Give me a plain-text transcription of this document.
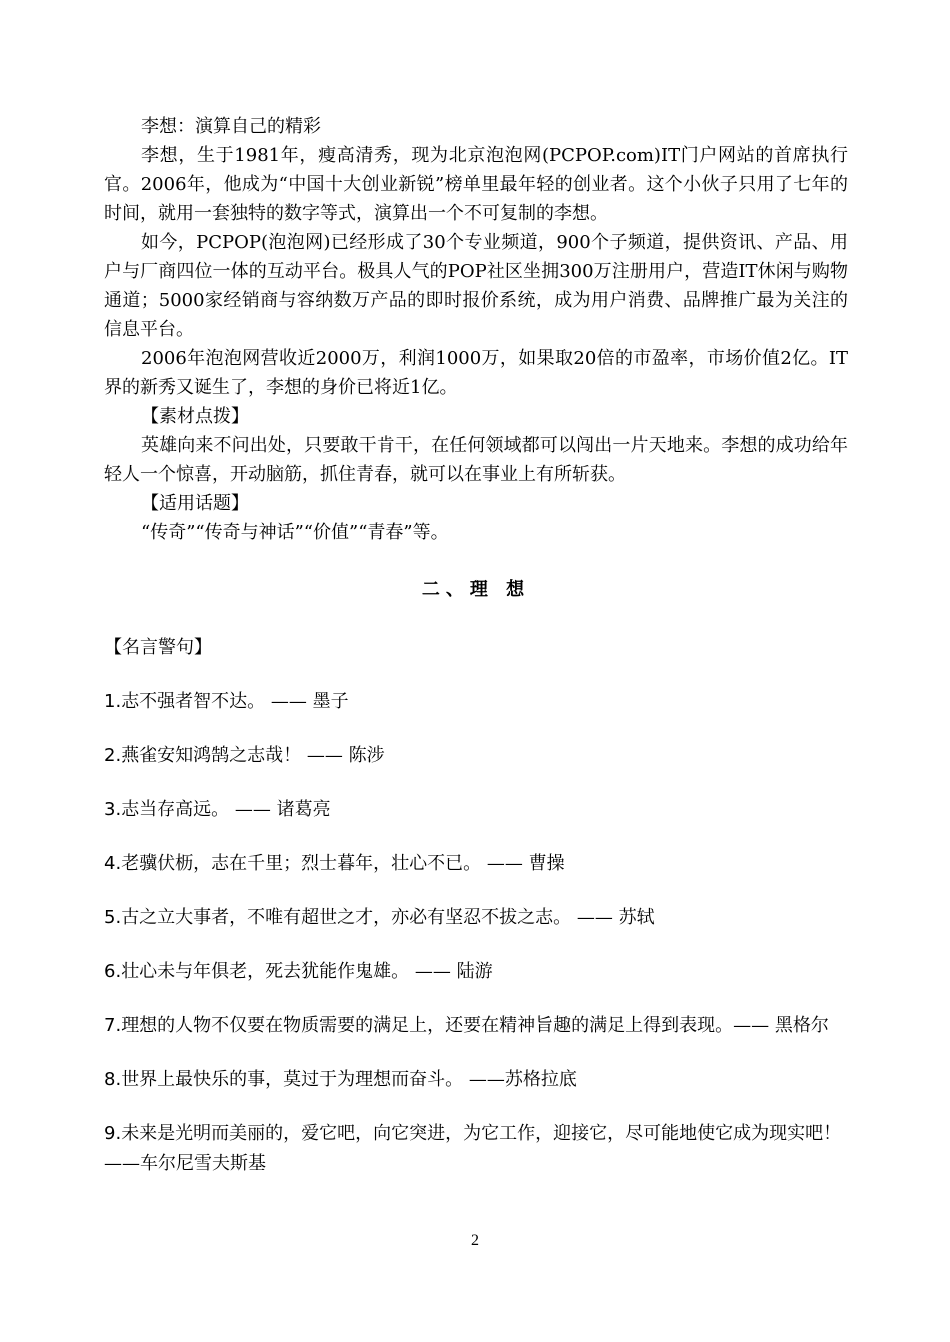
李想：演算自己的精彩

李想，生于1981年，瘦高清秀，现为北京泡泡网(PCPOP.com)IT门户网站的首席执行官。2006年，他成为“中国十大创业新锐”榜单里最年轻的创业者。这个小伙子只用了七年的时间，就用一套独特的数字等式，演算出一个不可复制的李想。

如今，PCPOP(泡泡网)已经形成了30个专业频道，900个子频道，提供资讯、产品、用户与厂商四位一体的互动平台。极具人气的POP社区坐拥300万注册用户，营造IT休闲与购物通道；5000家经销商与容纳数万产品的即时报价系统，成为用户消费、品牌推广最为关注的信息平台。

2006年泡泡网营收近2000万，利润1000万，如果取20倍的市盈率，市场价值2亿。IT界的新秀又诞生了，李想的身价已将近1亿。

【素材点拨】

英雄向来不问出处，只要敢干肯干，在任何领域都可以闯出一片天地来。李想的成功给年轻人一个惊喜，开动脑筋，抓住青春，就可以在事业上有所斩获。

【适用话题】

“传奇”“传奇与神话”“价值”“青春”等。

二、理 想
【名言警句】
1.志不强者智不达。 —— 墨子
2.燕雀安知鸿鹄之志哉！ —— 陈涉
3.志当存高远。 —— 诸葛亮
4.老骥伏枥，志在千里；烈士暮年，壮心不已。 —— 曹操
5.古之立大事者，不唯有超世之才，亦必有坚忍不拔之志。 —— 苏轼
6.壮心未与年俱老，死去犹能作鬼雄。 —— 陆游
7.理想的人物不仅要在物质需要的满足上，还要在精神旨趣的满足上得到表现。—— 黑格尔
8.世界上最快乐的事，莫过于为理想而奋斗。 ——苏格拉底
9.未来是光明而美丽的，爱它吧，向它突进，为它工作，迎接它，尽可能地使它成为现实吧！——车尔尼雪夫斯基
2
